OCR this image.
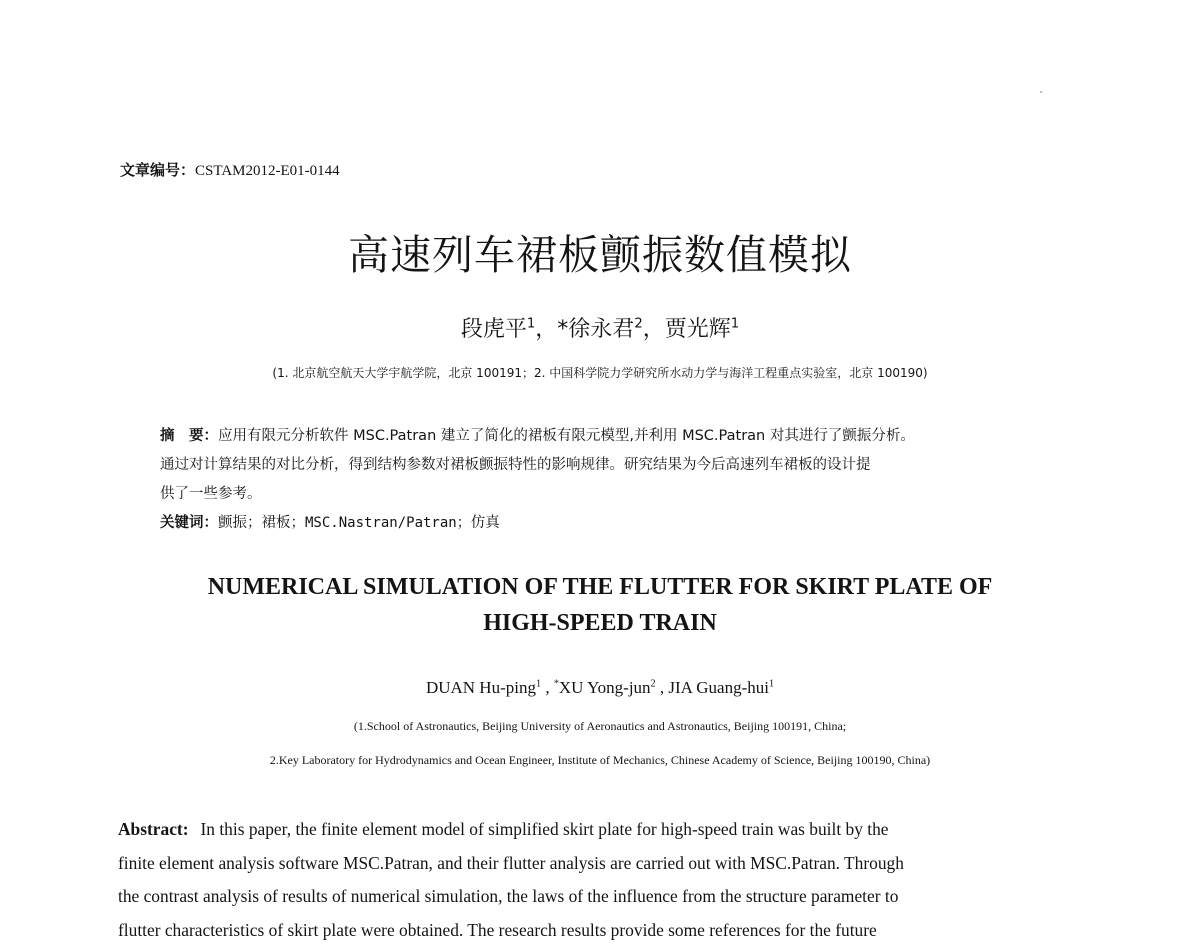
文章编号：CSTAM2012-E01-0144
高速列车裙板颤振数值模拟
段虎平$^1$，*徐永君$^2$，贾光辉$^1$
(1. 北京航空航天大学宇航学院，北京 100191；2. 中国科学院力学研究所水动力学与海洋工程重点实验室，北京 100190)
摘　要：应用有限元分析软件 MSC.Patran 建立了简化的裙板有限元模型,并利用 MSC.Patran 对其进行了颤振分析。
通过对计算结果的对比分析，得到结构参数对裙板颤振特性的影响规律。研究结果为今后高速列车裙板的设计提
供了一些参考。
关键词：颤振；裙板；MSC.Nastran/Patran；仿真
NUMERICAL SIMULATION OF THE FLUTTER FOR SKIRT PLATE OF
HIGH-SPEED TRAIN
DUAN Hu-ping$^1$ , *XU Yong-jun$^2$ , JIA Guang-hui$^1$
(1.School of Astronautics, Beijing University of Aeronautics and Astronautics, Beijing 100191, China;
2.Key Laboratory for Hydrodynamics and Ocean Engineer, Institute of Mechanics, Chinese Academy of Science, Beijing 100190, China)
Abstract: In this paper, the finite element model of simplified skirt plate for high-speed train was built by the
finite element analysis software MSC.Patran, and their flutter analysis are carried out with MSC.Patran. Through
the contrast analysis of results of numerical simulation, the laws of the influence from the structure parameter to
flutter characteristics of skirt plate were obtained. The research results provide some references for the future
